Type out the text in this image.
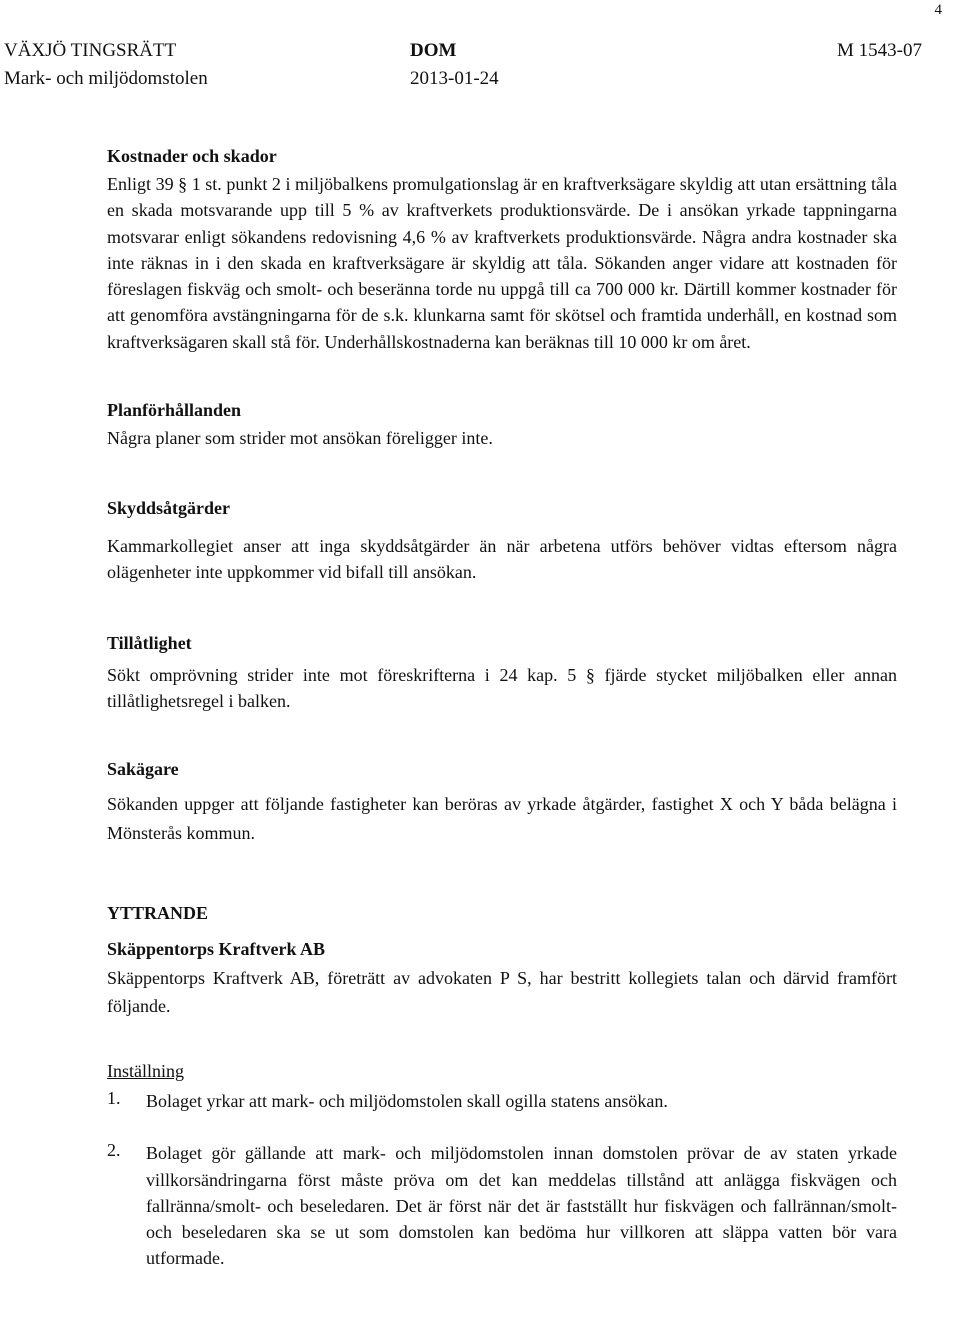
4
VÄXJÖ TINGSRÄTT
Mark- och miljödomstolen
DOM
2013-01-24
M 1543-07
Kostnader och skador

Enligt 39 § 1 st. punkt 2 i miljöbalkens promulgationslag är en kraftverksägare skyldig att utan ersättning tåla en skada motsvarande upp till 5 % av kraftverkets produktionsvärde. De i ansökan yrkade tappningarna motsvarar enligt sökandens redovisning 4,6 % av kraftverkets produktionsvärde. Några andra kostnader ska inte räknas in i den skada en kraftverksägare är skyldig att tåla. Sökanden anger vidare att kostnaden för föreslagen fiskväg och smolt- och beseränna torde nu uppgå till ca 700 000 kr. Därtill kommer kostnader för att genomföra avstängningarna för de s.k. klunkarna samt för skötsel och framtida underhåll, en kostnad som kraftverksägaren skall stå för. Underhållskostnaderna kan beräknas till 10 000 kr om året.

Planförhållanden
Några planer som strider mot ansökan föreligger inte.
Skyddsåtgärder

Kammarkollegiet anser att inga skyddsåtgärder än när arbetena utförs behöver vidtas eftersom några olägenheter inte uppkommer vid bifall till ansökan.

Tillåtlighet

Sökt omprövning strider inte mot föreskrifterna i 24 kap. 5 § fjärde stycket miljöbalken eller annan tillåtlighetsregel i balken.

Sakägare

Sökanden uppger att följande fastigheter kan beröras av yrkade åtgärder, fastighet X och Y båda belägna i Mönsterås kommun.

YTTRANDE
Skäppentorps Kraftverk AB

Skäppentorps Kraftverk AB, företrätt av advokaten P S, har bestritt kollegiets talan och därvid framfört följande.

Inställning
1.	Bolaget yrkar att mark- och miljödomstolen skall ogilla statens ansökan.
2.	Bolaget gör gällande att mark- och miljödomstolen innan domstolen prövar de av staten yrkade villkorsändringarna först måste pröva om det kan meddelas tillstånd att anlägga fiskvägen och fallränna/smolt- och beseledaren. Det är först när det är fastställt hur fiskvägen och fallrännan/smolt- och beseledaren ska se ut som domstolen kan bedöma hur villkoren att släppa vatten bör vara utformade.
